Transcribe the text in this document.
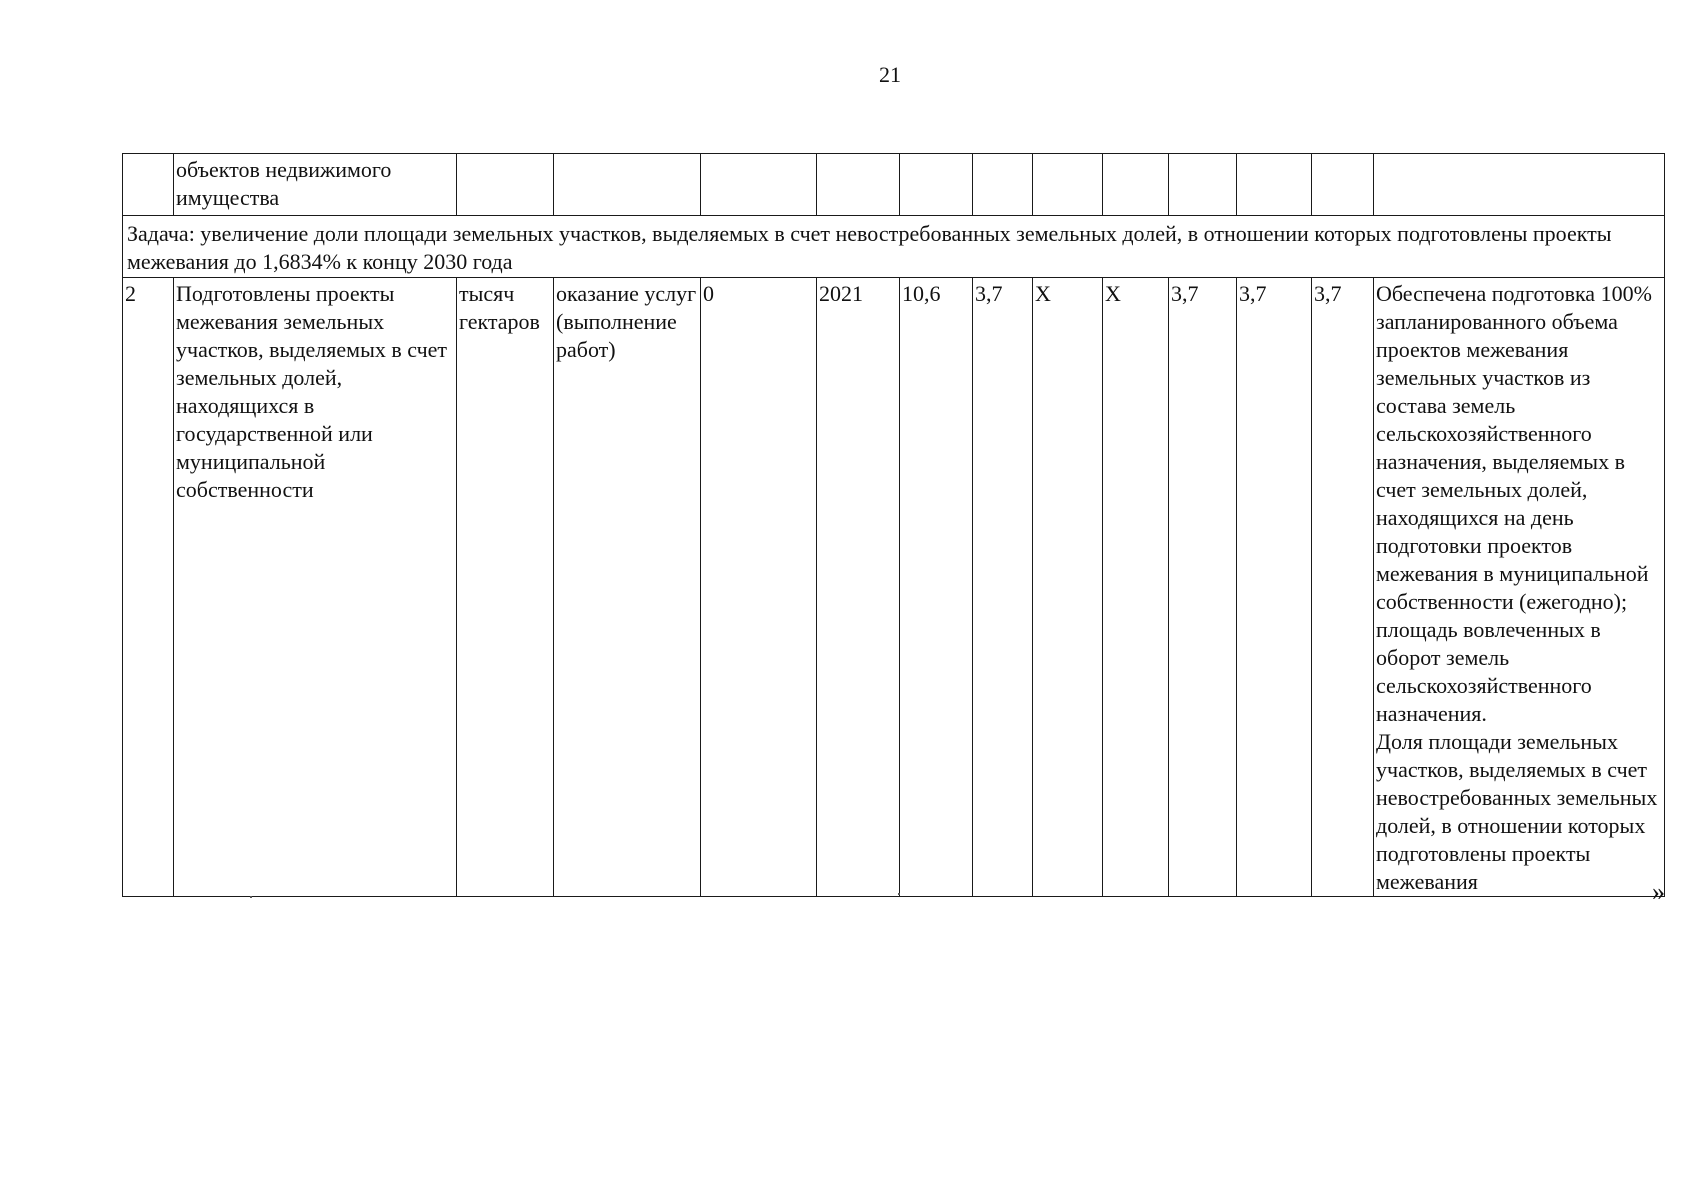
21
	объектов недвижимого имущества												
Задача: увеличение доли площади земельных участков, выделяемых в счет невостребованных земельных долей, в отношении которых подготовлены проекты межевания до 1,6834% к концу 2030 года													
2	Подготовлены проекты межевания земельных участков, выделяемых в счет земельных долей, находящихся в государственной или муниципальной собственности	тысяч гектаров	оказание услуг (выполнение работ)	0	2021	10,6	3,7	Х	Х	3,7	3,7	3,7	Обеспечена подготовка 100% запланированного объема проектов межевания земельных участков из состава земель сельскохозяйственного назначения, выделяемых в счет земельных долей, находящихся на день подготовки проектов межевания в муниципальной собственности (ежегодно);
площадь вовлеченных в оборот земель сельскохозяйственного назначения.
Доля площади земельных участков, выделяемых в счет невостребованных земельных долей, в отношении которых подготовлены проекты межевания	»
